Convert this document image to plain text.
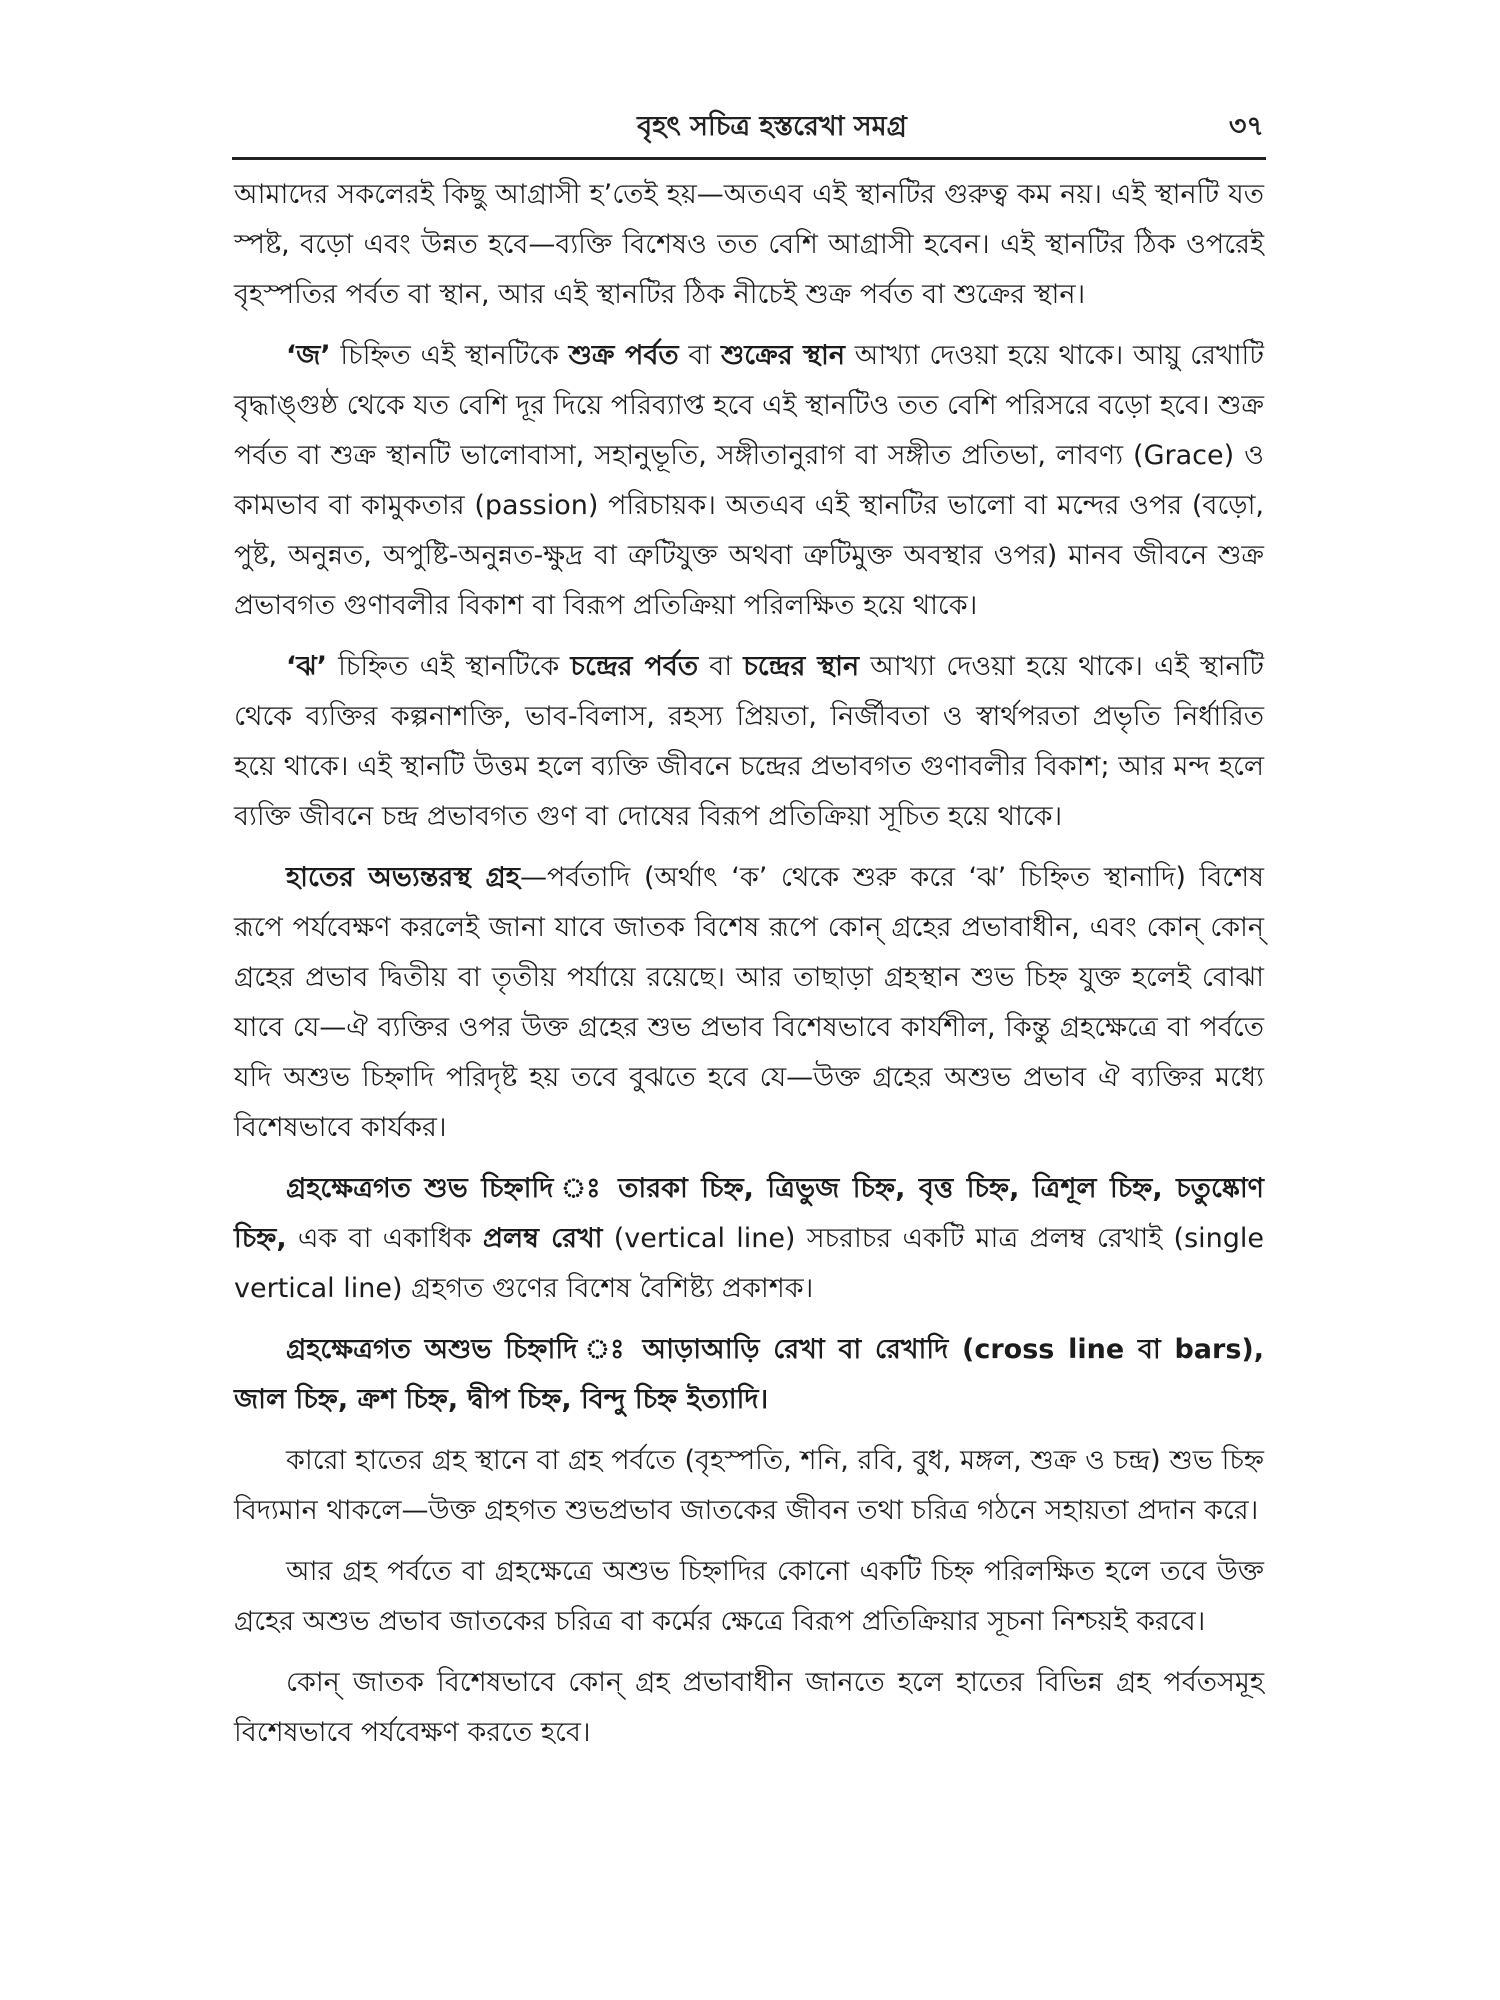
বৃহৎ সচিত্র হস্তরেখা সমগ্র	৩৭

আমাদের সকলেরই কিছু আগ্রাসী হ’তেই হয়—অতএব এই স্থানটির গুরুত্ব কম নয়। এই স্থানটি যত স্পষ্ট, বড়ো এবং উন্নত হবে—ব্যক্তি বিশেষও তত বেশি আগ্রাসী হবেন। এই স্থানটির ঠিক ওপরেই বৃহস্পতির পর্বত বা স্থান, আর এই স্থানটির ঠিক নীচেই শুক্র পর্বত বা শুক্রের স্থান।

‘জ’ চিহ্নিত এই স্থানটিকে শুক্র পর্বত বা শুক্রের স্থান আখ্যা দেওয়া হয়ে থাকে। আয়ু রেখাটি বৃদ্ধাঙ্গুষ্ঠ থেকে যত বেশি দূর দিয়ে পরিব্যাপ্ত হবে এই স্থানটিও তত বেশি পরিসরে বড়ো হবে। শুক্র পর্বত বা শুক্র স্থানটি ভালোবাসা, সহানুভূতি, সঙ্গীতানুরাগ বা সঙ্গীত প্রতিভা, লাবণ্য (Grace) ও কামভাব বা কামুকতার (passion) পরিচায়ক। অতএব এই স্থানটির ভালো বা মন্দের ওপর (বড়ো, পুষ্ট, অনুন্নত, অপুষ্টি-অনুন্নত-ক্ষুদ্র বা ত্রুটিযুক্ত অথবা ত্রুটিমুক্ত অবস্থার ওপর) মানব জীবনে শুক্র প্রভাবগত গুণাবলীর বিকাশ বা বিরূপ প্রতিক্রিয়া পরিলক্ষিত হয়ে থাকে।

‘ঝ’ চিহ্নিত এই স্থানটিকে চন্দ্রের পর্বত বা চন্দ্রের স্থান আখ্যা দেওয়া হয়ে থাকে। এই স্থানটি থেকে ব্যক্তির কল্পনাশক্তি, ভাব-বিলাস, রহস্য প্রিয়তা, নির্জীবতা ও স্বার্থপরতা প্রভৃতি নির্ধারিত হয়ে থাকে। এই স্থানটি উত্তম হলে ব্যক্তি জীবনে চন্দ্রের প্রভাবগত গুণাবলীর বিকাশ; আর মন্দ হলে ব্যক্তি জীবনে চন্দ্র প্রভাবগত গুণ বা দোষের বিরূপ প্রতিক্রিয়া সূচিত হয়ে থাকে।

হাতের অভ্যন্তরস্থ গ্রহ—পর্বতাদি (অর্থাৎ ‘ক’ থেকে শুরু করে ‘ঝ’ চিহ্নিত স্থানাদি) বিশেষ রূপে পর্যবেক্ষণ করলেই জানা যাবে জাতক বিশেষ রূপে কোন্ গ্রহের প্রভাবাধীন, এবং কোন্ কোন্ গ্রহের প্রভাব দ্বিতীয় বা তৃতীয় পর্যায়ে রয়েছে। আর তাছাড়া গ্রহস্থান শুভ চিহ্ন যুক্ত হলেই বোঝা যাবে যে—ঐ ব্যক্তির ওপর উক্ত গ্রহের শুভ প্রভাব বিশেষভাবে কার্যশীল, কিন্তু গ্রহক্ষেত্রে বা পর্বতে যদি অশুভ চিহ্নাদি পরিদৃষ্ট হয় তবে বুঝতে হবে যে—উক্ত গ্রহের অশুভ প্রভাব ঐ ব্যক্তির মধ্যে বিশেষভাবে কার্যকর।

গ্রহক্ষেত্রগত শুভ চিহ্নাদি ঃ তারকা চিহ্ন, ত্রিভুজ চিহ্ন, বৃত্ত চিহ্ন, ত্রিশূল চিহ্ন, চতুষ্কোণ চিহ্ন, এক বা একাধিক প্রলম্ব রেখা (vertical line) সচরাচর একটি মাত্র প্রলম্ব রেখাই (single vertical line) গ্রহগত গুণের বিশেষ বৈশিষ্ট্য প্রকাশক।

গ্রহক্ষেত্রগত অশুভ চিহ্নাদি ঃ আড়াআড়ি রেখা বা রেখাদি (cross line বা bars), জাল চিহ্ন, ক্রশ চিহ্ন, দ্বীপ চিহ্ন, বিন্দু চিহ্ন ইত্যাদি।

কারো হাতের গ্রহ স্থানে বা গ্রহ পর্বতে (বৃহস্পতি, শনি, রবি, বুধ, মঙ্গল, শুক্র ও চন্দ্র) শুভ চিহ্ন বিদ্যমান থাকলে—উক্ত গ্রহগত শুভপ্রভাব জাতকের জীবন তথা চরিত্র গঠনে সহায়তা প্রদান করে।

আর গ্রহ পর্বতে বা গ্রহক্ষেত্রে অশুভ চিহ্নাদির কোনো একটি চিহ্ন পরিলক্ষিত হলে তবে উক্ত গ্রহের অশুভ প্রভাব জাতকের চরিত্র বা কর্মের ক্ষেত্রে বিরূপ প্রতিক্রিয়ার সূচনা নিশ্চয়ই করবে।

কোন্ জাতক বিশেষভাবে কোন্ গ্রহ প্রভাবাধীন জানতে হলে হাতের বিভিন্ন গ্রহ পর্বতসমূহ বিশেষভাবে পর্যবেক্ষণ করতে হবে।
